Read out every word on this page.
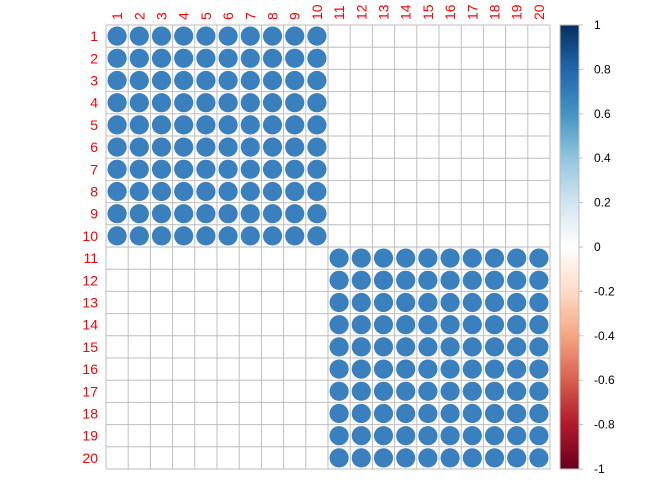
1
2
3
4
5
6
7
8
9
10
11
12
13
14
15
16
17
18
19
20
1 2 3 4 5 6 7 8 9 10 11 12 13 14 15 16 17 18 19 20
1
0.8
0.6
0.4
0.2
0
-0.2
-0.4
-0.6
-0.8
-1
